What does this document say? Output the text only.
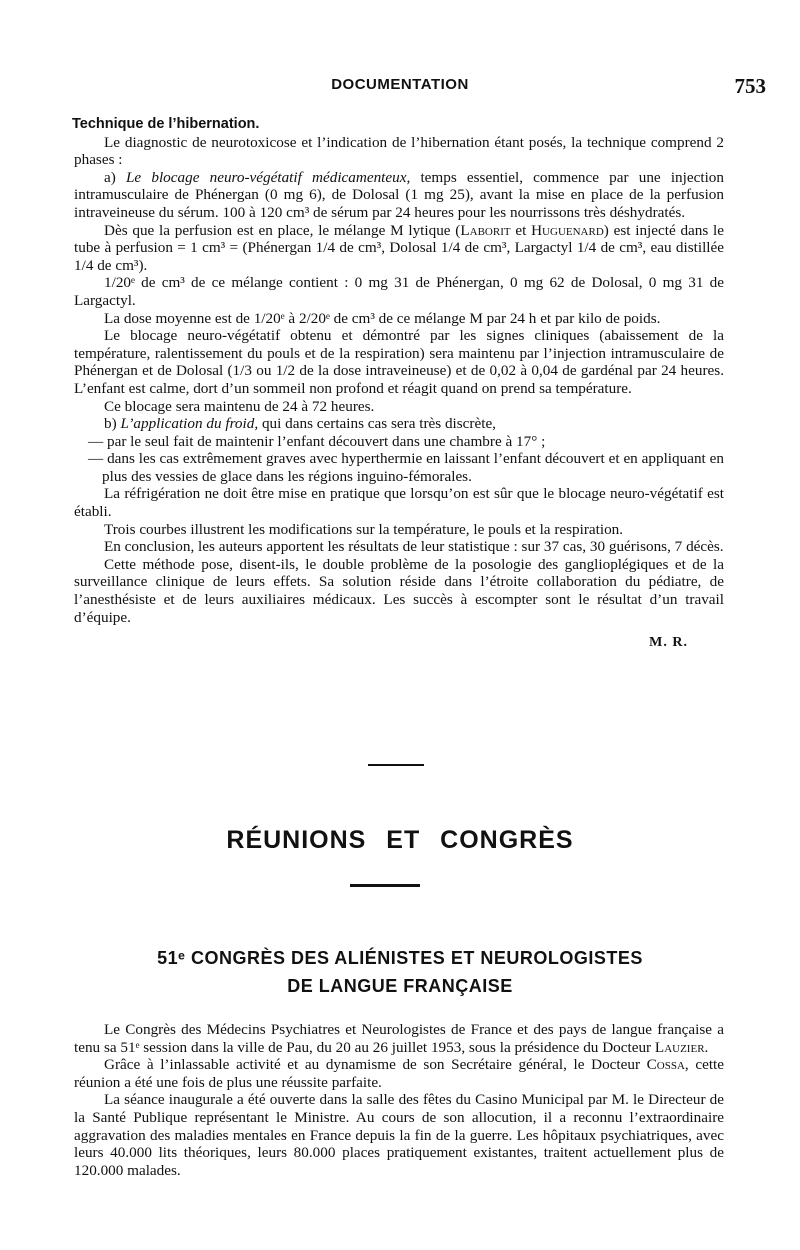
DOCUMENTATION	753

Technique de l’hibernation.

Le diagnostic de neurotoxicose et l’indication de l’hibernation étant posés, la technique comprend 2 phases :

a) Le blocage neuro-végétatif médicamenteux, temps essentiel, commence par une injection intramusculaire de Phénergan (0 mg 6), de Dolosal (1 mg 25), avant la mise en place de la perfusion intraveineuse du sérum. 100 à 120 cm³ de sérum par 24 heures pour les nourrissons très déshydratés.

Dès que la perfusion est en place, le mélange M lytique (Laborit et Huguenard) est injecté dans le tube à perfusion = 1 cm³ = (Phénergan 1/4 de cm³, Dolosal 1/4 de cm³, Largactyl 1/4 de cm³, eau distillée 1/4 de cm³).

1/20ᵉ de cm³ de ce mélange contient : 0 mg 31 de Phénergan, 0 mg 62 de Dolosal, 0 mg 31 de Largactyl.

La dose moyenne est de 1/20ᵉ à 2/20ᵉ de cm³ de ce mélange M par 24 h et par kilo de poids.

Le blocage neuro-végétatif obtenu et démontré par les signes cliniques (abaissement de la température, ralentissement du pouls et de la respiration) sera maintenu par l’injection intramusculaire de Phénergan et de Dolosal (1/3 ou 1/2 de la dose intraveineuse) et de 0,02 à 0,04 de gardénal par 24 heures. L’enfant est calme, dort d’un sommeil non profond et réagit quand on prend sa température.

Ce blocage sera maintenu de 24 à 72 heures.

b) L’application du froid, qui dans certains cas sera très discrète,

— par le seul fait de maintenir l’enfant découvert dans une chambre à 17° ;

— dans les cas extrêmement graves avec hyperthermie en laissant l’enfant découvert et en appliquant en plus des vessies de glace dans les régions inguino-fémorales.

La réfrigération ne doit être mise en pratique que lorsqu’on est sûr que le blocage neuro-végétatif est établi.

Trois courbes illustrent les modifications sur la température, le pouls et la respiration.

En conclusion, les auteurs apportent les résultats de leur statistique : sur 37 cas, 30 guérisons, 7 décès.

Cette méthode pose, disent-ils, le double problème de la posologie des ganglioplégiques et de la surveillance clinique de leurs effets. Sa solution réside dans l’étroite collaboration du pédiatre, de l’anesthésiste et de leurs auxiliaires médicaux. Les succès à escompter sont le résultat d’un travail d’équipe.

M. R.

RÉUNIONS ET CONGRÈS
51ᵉ CONGRÈS DES ALIÉNISTES ET NEUROLOGISTES
DE LANGUE FRANÇAISE

Le Congrès des Médecins Psychiatres et Neurologistes de France et des pays de langue française a tenu sa 51ᵉ session dans la ville de Pau, du 20 au 26 juillet 1953, sous la présidence du Docteur Lauzier.

Grâce à l’inlassable activité et au dynamisme de son Secrétaire général, le Docteur Cossa, cette réunion a été une fois de plus une réussite parfaite.

La séance inaugurale a été ouverte dans la salle des fêtes du Casino Municipal par M. le Directeur de la Santé Publique représentant le Ministre. Au cours de son allocution, il a reconnu l’extraordinaire aggravation des maladies mentales en France depuis la fin de la guerre. Les hôpitaux psychiatriques, avec leurs 40.000 lits théoriques, leurs 80.000 places pratiquement existantes, traitent actuellement plus de 120.000 malades.
